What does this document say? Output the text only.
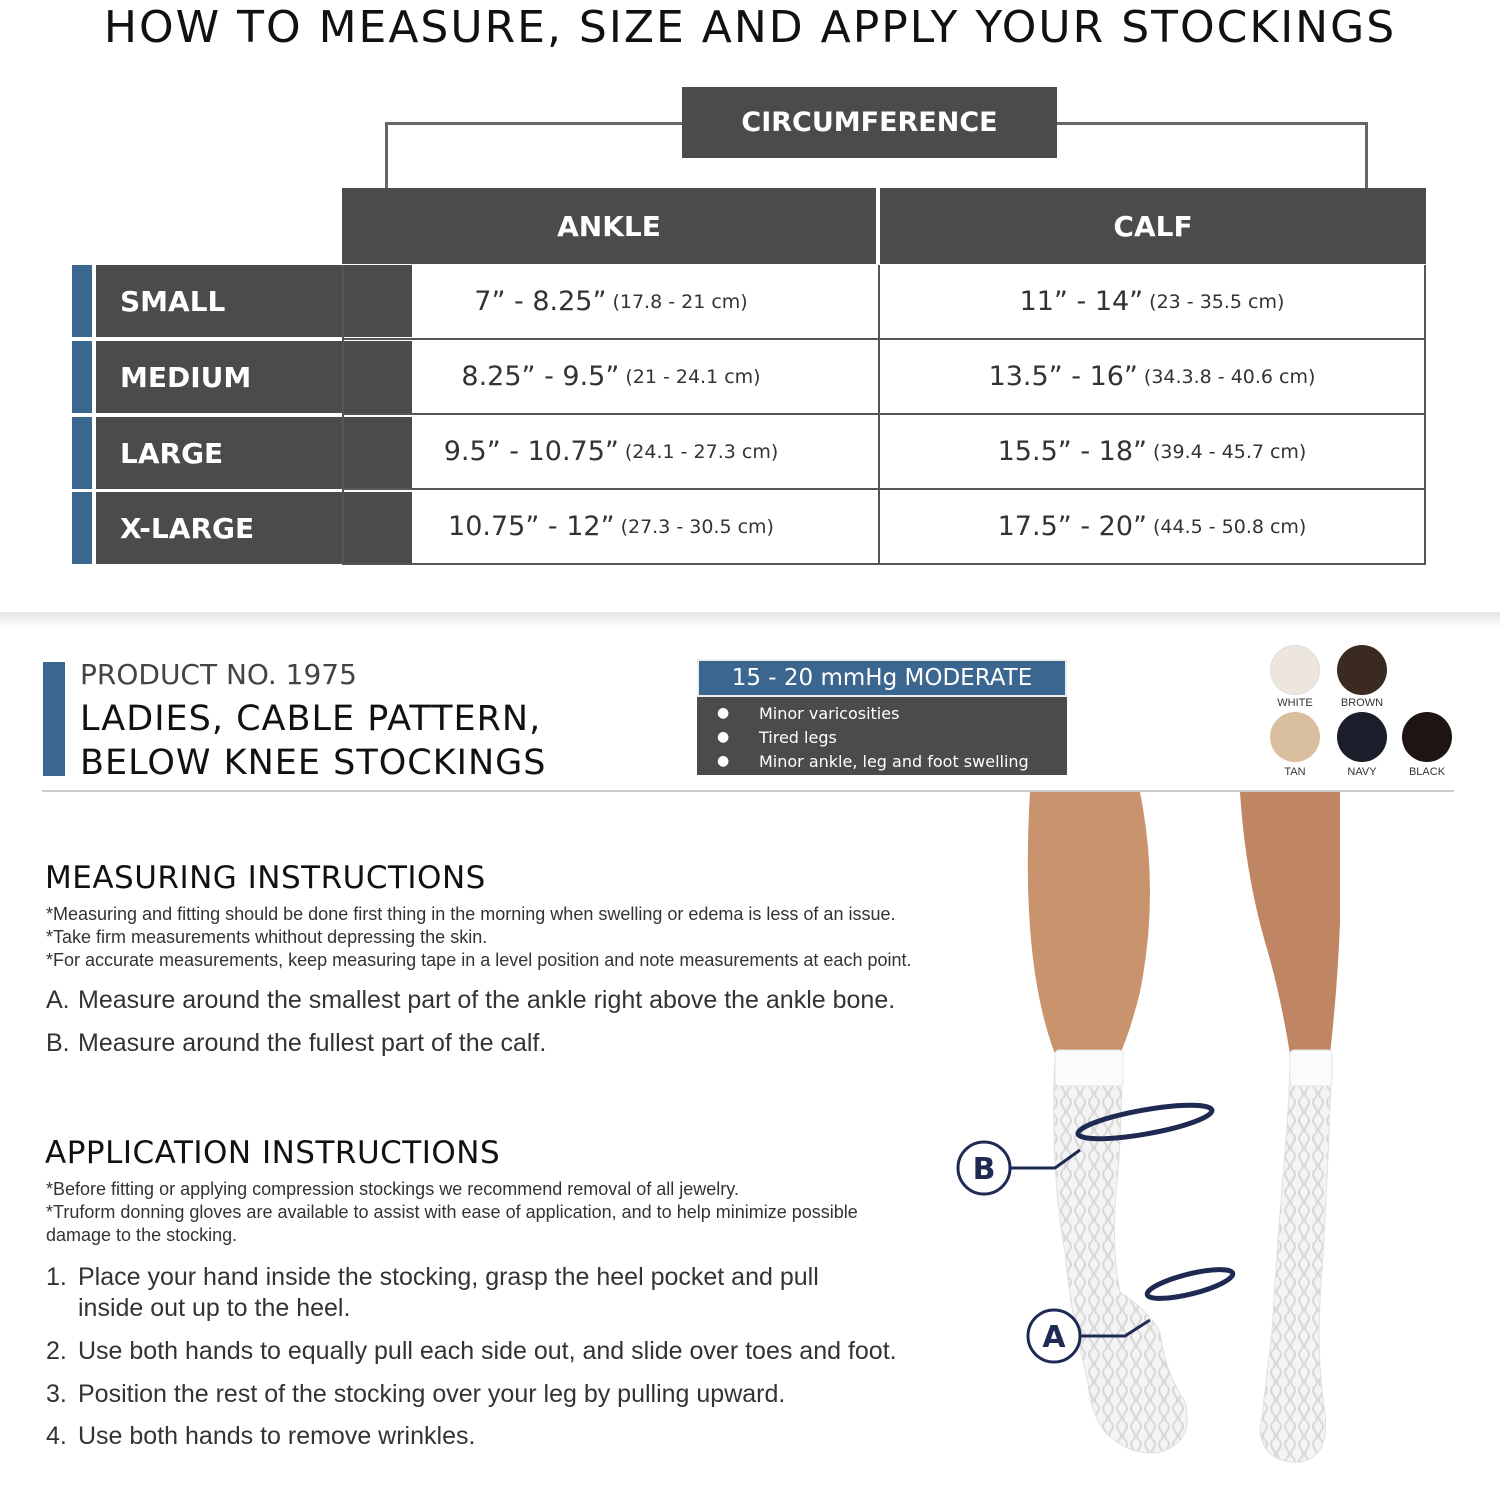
HOW TO MEASURE, SIZE AND APPLY YOUR STOCKINGS
CIRCUMFERENCE
ANKLE	CALF
SMALL	7” - 8.25” (17.8 - 21 cm)	11” - 14” (23 - 35.5 cm)
MEDIUM	8.25” - 9.5” (21 - 24.1 cm)	13.5” - 16” (34.3.8 - 40.6 cm)
LARGE	9.5” - 10.75” (24.1 - 27.3 cm)	15.5” - 18” (39.4 - 45.7 cm)
X-LARGE	10.75” - 12” (27.3 - 30.5 cm)	17.5” - 20” (44.5 - 50.8 cm)
PRODUCT NO. 1975
LADIES, CABLE PATTERN,
BELOW KNEE STOCKINGS
15 - 20 mmHg MODERATE
●	Minor varicosities
●	Tired legs
●	Minor ankle, leg and foot swelling
WHITE	BROWN
TAN	NAVY	BLACK
MEASURING INSTRUCTIONS
*Measuring and fitting should be done first thing in the morning when swelling or edema is less of an issue.
*Take firm measurements whithout depressing the skin.
*For accurate measurements, keep measuring tape in a level position and note measurements at each point.
A. Measure around the smallest part of the ankle right above the ankle bone.
B. Measure around the fullest part of the calf.
APPLICATION INSTRUCTIONS
*Before fitting or applying compression stockings we recommend removal of all jewelry.
*Truform donning gloves are available to assist with ease of application, and to help minimize possible
damage to the stocking.
1. Place your hand inside the stocking, grasp the heel pocket and pull
inside out up to the heel.
2. Use both hands to equally pull each side out, and slide over toes and foot.
3. Position the rest of the stocking over your leg by pulling upward.
4. Use both hands to remove wrinkles.
B
A
